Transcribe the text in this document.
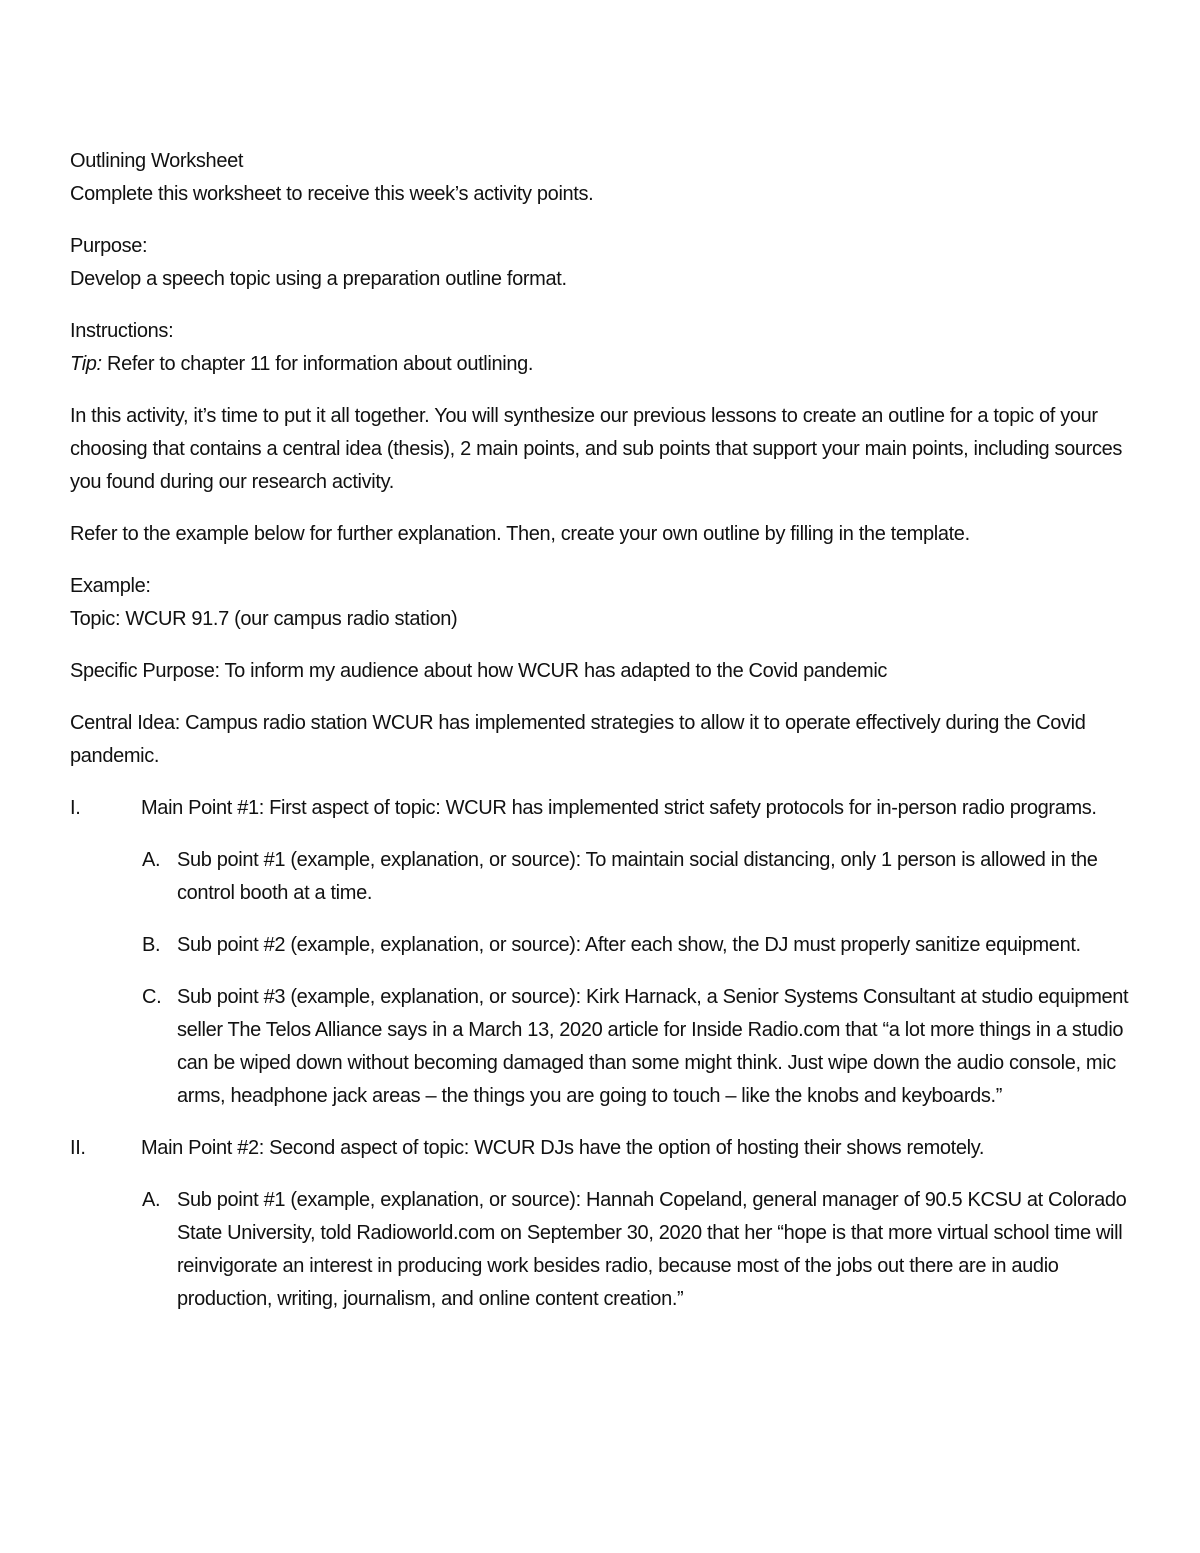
Outlining Worksheet

Complete this worksheet to receive this week’s activity points.

Purpose:

Develop a speech topic using a preparation outline format.

Instructions:

Tip: Refer to chapter 11 for information about outlining.

In this activity, it’s time to put it all together. You will synthesize our previous lessons to create an outline for a topic of your choosing that contains a central idea (thesis), 2 main points, and sub points that support your main points, including sources you found during our research activity.

Refer to the example below for further explanation. Then, create your own outline by filling in the template.

Example:

Topic: WCUR 91.7 (our campus radio station)

Specific Purpose: To inform my audience about how WCUR has adapted to the Covid pandemic

Central Idea: Campus radio station WCUR has implemented strategies to allow it to operate effectively during the Covid pandemic.

I.	Main Point #1: First aspect of topic: WCUR has implemented strict safety protocols for in-person radio programs.

A. Sub point #1 (example, explanation, or source): To maintain social distancing, only 1 person is allowed in the control booth at a time.

B. Sub point #2 (example, explanation, or source): After each show, the DJ must properly sanitize equipment.

C. Sub point #3 (example, explanation, or source): Kirk Harnack, a Senior Systems Consultant at studio equipment seller The Telos Alliance says in a March 13, 2020 article for Inside Radio.com that “a lot more things in a studio can be wiped down without becoming damaged than some might think. Just wipe down the audio console, mic arms, headphone jack areas – the things you are going to touch – like the knobs and keyboards.”

II.	Main Point #2: Second aspect of topic: WCUR DJs have the option of hosting their shows remotely.

A. Sub point #1 (example, explanation, or source): Hannah Copeland, general manager of 90.5 KCSU at Colorado State University, told Radioworld.com on September 30, 2020 that her “hope is that more virtual school time will reinvigorate an interest in producing work besides radio, because most of the jobs out there are in audio production, writing, journalism, and online content creation.”
